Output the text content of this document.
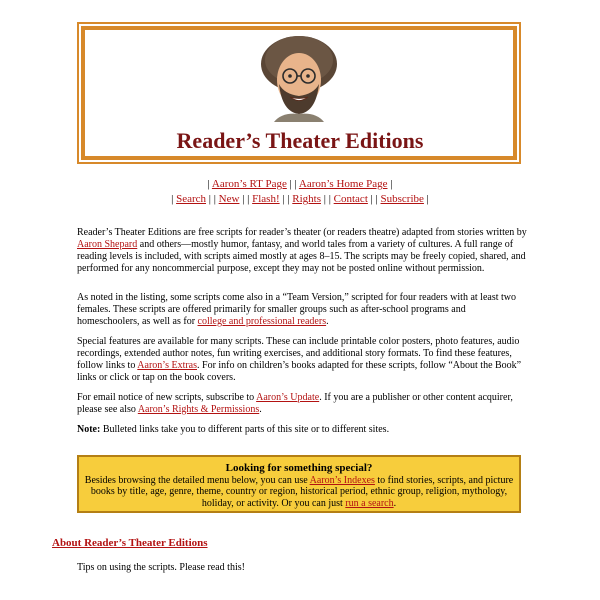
Reader’s Theater Editions
| Aaron’s RT Page | | Aaron’s Home Page |
| Search | | New | | Flash! | | Rights | | Contact | | Subscribe |
Reader’s Theater Editions are free scripts for reader’s theater (or readers theatre) adapted from stories written by Aaron Shepard and others—mostly humor, fantasy, and world tales from a variety of cultures. A full range of reading levels is included, with scripts aimed mostly at ages 8–15. The scripts may be freely copied, shared, and performed for any noncommercial purpose, except they may not be posted online without permission.
As noted in the listing, some scripts come also in a “Team Version,” scripted for four readers with at least two females. These scripts are offered primarily for smaller groups such as after-school programs and homeschoolers, as well as for college and professional readers.
Special features are available for many scripts. These can include printable color posters, photo features, audio recordings, extended author notes, fun writing exercises, and additional story formats. To find these features, follow links to Aaron’s Extras. For info on children’s books adapted for these scripts, follow “About the Book” links or click or tap on the book covers.
For email notice of new scripts, subscribe to Aaron’s Update. If you are a publisher or other content acquirer, please see also Aaron’s Rights & Permissions.
Note: Bulleted links take you to different parts of this site or to different sites.
Looking for something special?
Besides browsing the detailed menu below, you can use Aaron’s Indexes to find stories, scripts, and picture books by title, age, genre, theme, country or region, historical period, ethnic group, religion, mythology, holiday, or activity. Or you can just run a search.
About Reader’s Theater Editions
Tips on using the scripts. Please read this!
